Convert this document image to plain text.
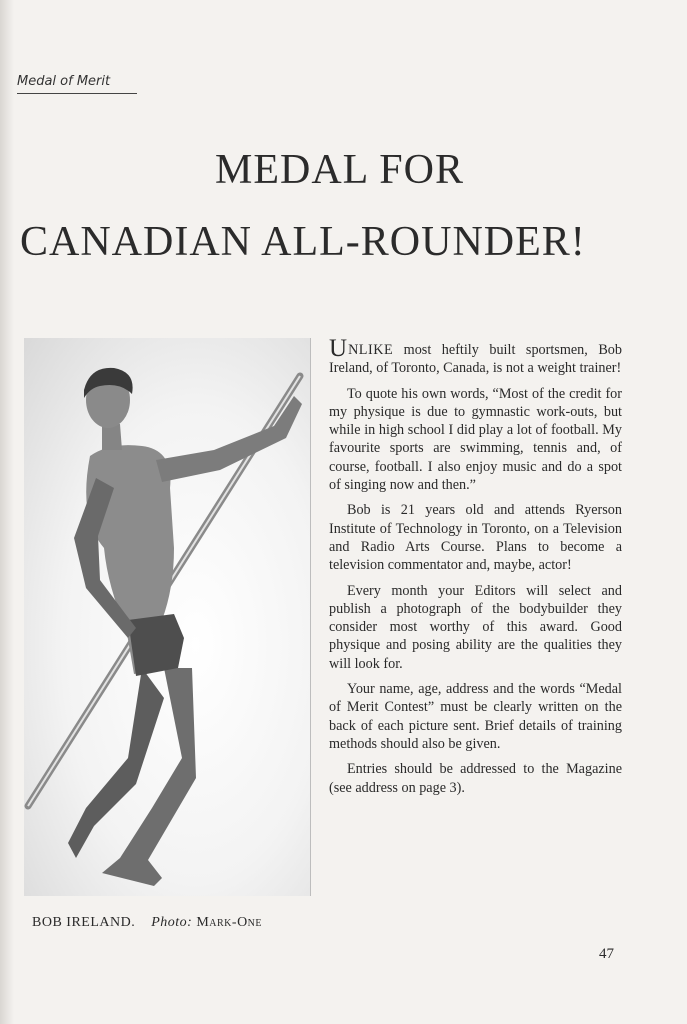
Medal of Merit
MEDAL FOR
CANADIAN ALL-ROUNDER!
BOB IRELAND. Photo: Mark-One

UNLIKE most heftily built sportsmen, Bob Ireland, of Toronto, Canada, is not a weight trainer!

To quote his own words, “Most of the credit for my physique is due to gymnastic work-outs, but while in high school I did play a lot of football. My favourite sports are swimming, tennis and, of course, football. I also enjoy music and do a spot of singing now and then.”

Bob is 21 years old and attends Ryerson Institute of Technology in Toronto, on a Television and Radio Arts Course. Plans to become a television commentator and, maybe, actor!

Every month your Editors will select and publish a photograph of the bodybuilder they consider most worthy of this award. Good physique and posing ability are the qualities they will look for.

Your name, age, address and the words “Medal of Merit Contest” must be clearly written on the back of each picture sent. Brief details of training methods should also be given.

Entries should be addressed to the Magazine (see address on page 3).

47
